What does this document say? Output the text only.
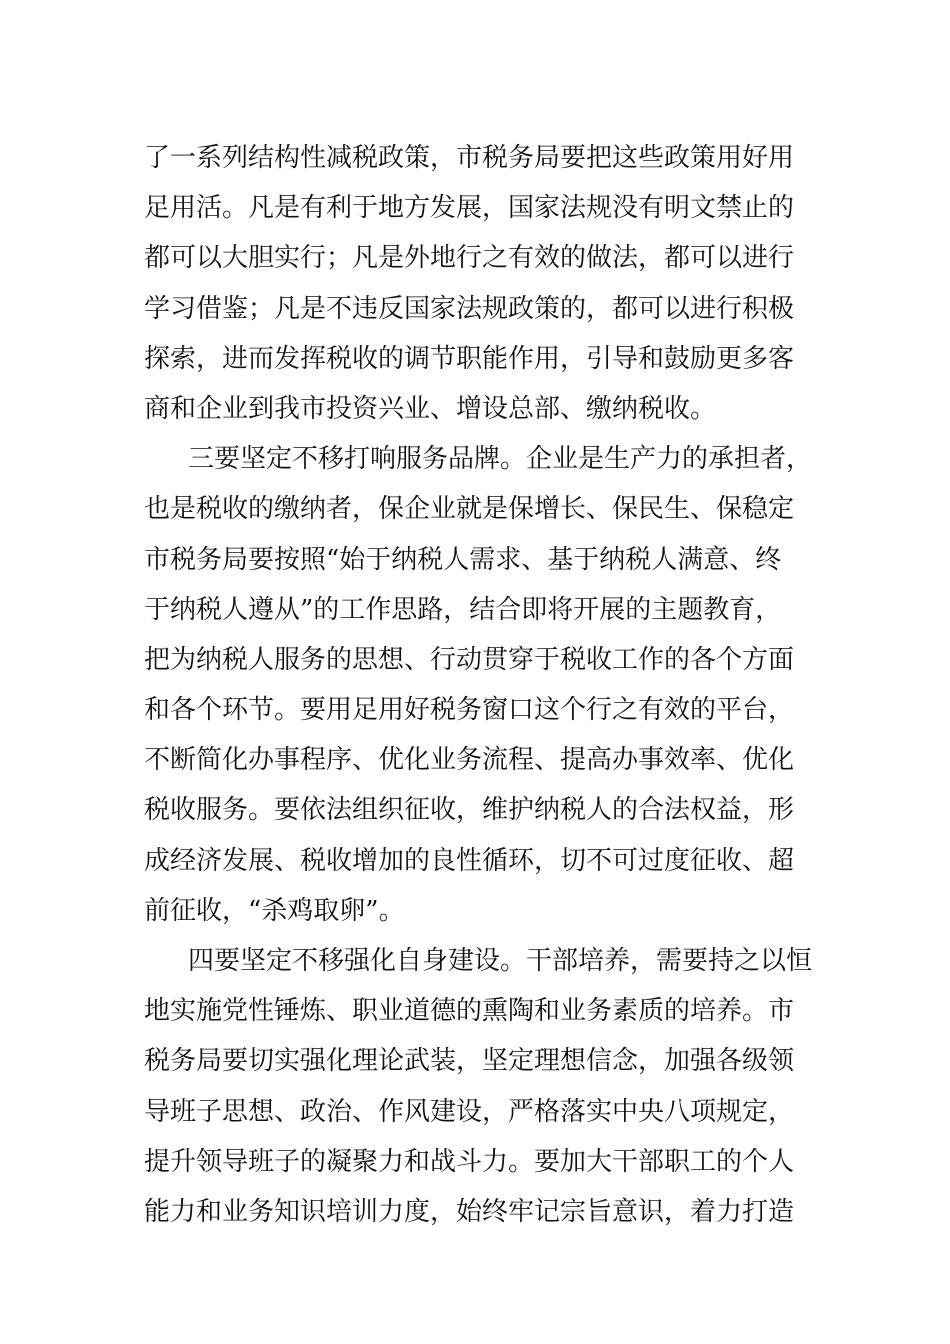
了一系列结构性减税政策，市税务局要把这些政策用好用
足用活。凡是有利于地方发展，国家法规没有明文禁止的
都可以大胆实行；凡是外地行之有效的做法，都可以进行
学习借鉴；凡是不违反国家法规政策的，都可以进行积极
探索，进而发挥税收的调节职能作用，引导和鼓励更多客
商和企业到我市投资兴业、增设总部、缴纳税收。
三要坚定不移打响服务品牌。企业是生产力的承担者，
也是税收的缴纳者，保企业就是保增长、保民生、保稳定
市税务局要按照“始于纳税人需求、基于纳税人满意、终
于纳税人遵从”的工作思路，结合即将开展的主题教育，
把为纳税人服务的思想、行动贯穿于税收工作的各个方面
和各个环节。要用足用好税务窗口这个行之有效的平台，
不断简化办事程序、优化业务流程、提高办事效率、优化
税收服务。要依法组织征收，维护纳税人的合法权益，形
成经济发展、税收增加的良性循环，切不可过度征收、超
前征收，“杀鸡取卵”。
四要坚定不移强化自身建设。干部培养，需要持之以恒
地实施党性锤炼、职业道德的熏陶和业务素质的培养。市
税务局要切实强化理论武装，坚定理想信念，加强各级领
导班子思想、政治、作风建设，严格落实中央八项规定，
提升领导班子的凝聚力和战斗力。要加大干部职工的个人
能力和业务知识培训力度，始终牢记宗旨意识，着力打造
